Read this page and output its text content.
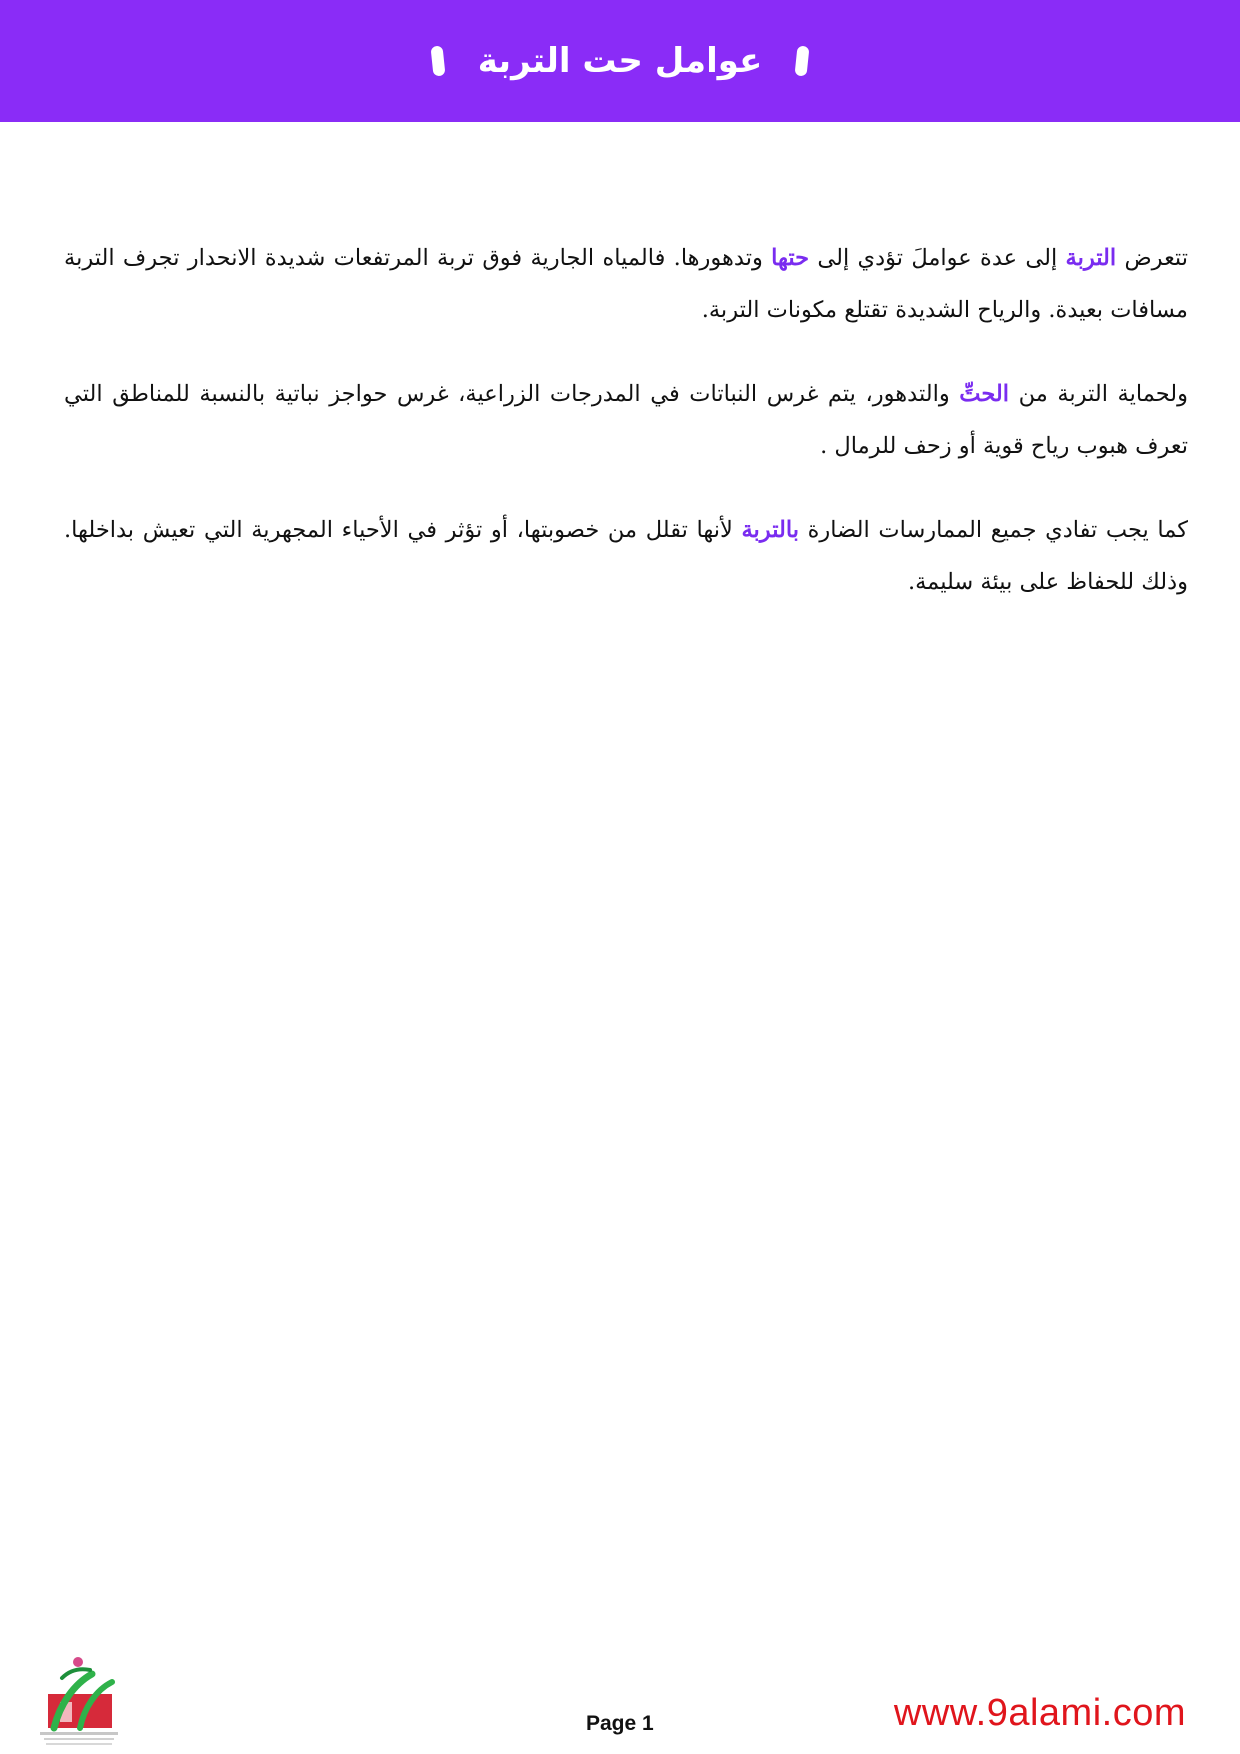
عوامل حت التربة

تتعرض التربة إلى عدة عواملَ تؤدي إلى حتها وتدهورها. فالمياه الجارية فوق تربة المرتفعات شديدة الانحدار تجرف التربة مسافات بعيدة. والرياح الشديدة تقتلع مكونات التربة.

ولحماية التربة من الحتِّ والتدهور، يتم غرس النباتات في المدرجات الزراعية، غرس حواجز نباتية بالنسبة للمناطق التي تعرف هبوب رياح قوية أو زحف للرمال .

كما يجب تفادي جميع الممارسات الضارة بالتربة لأنها تقلل من خصوبتها، أو تؤثر في الأحياء المجهرية التي تعيش بداخلها. وذلك للحفاظ على بيئة سليمة.

Page 1	www.9alami.com
